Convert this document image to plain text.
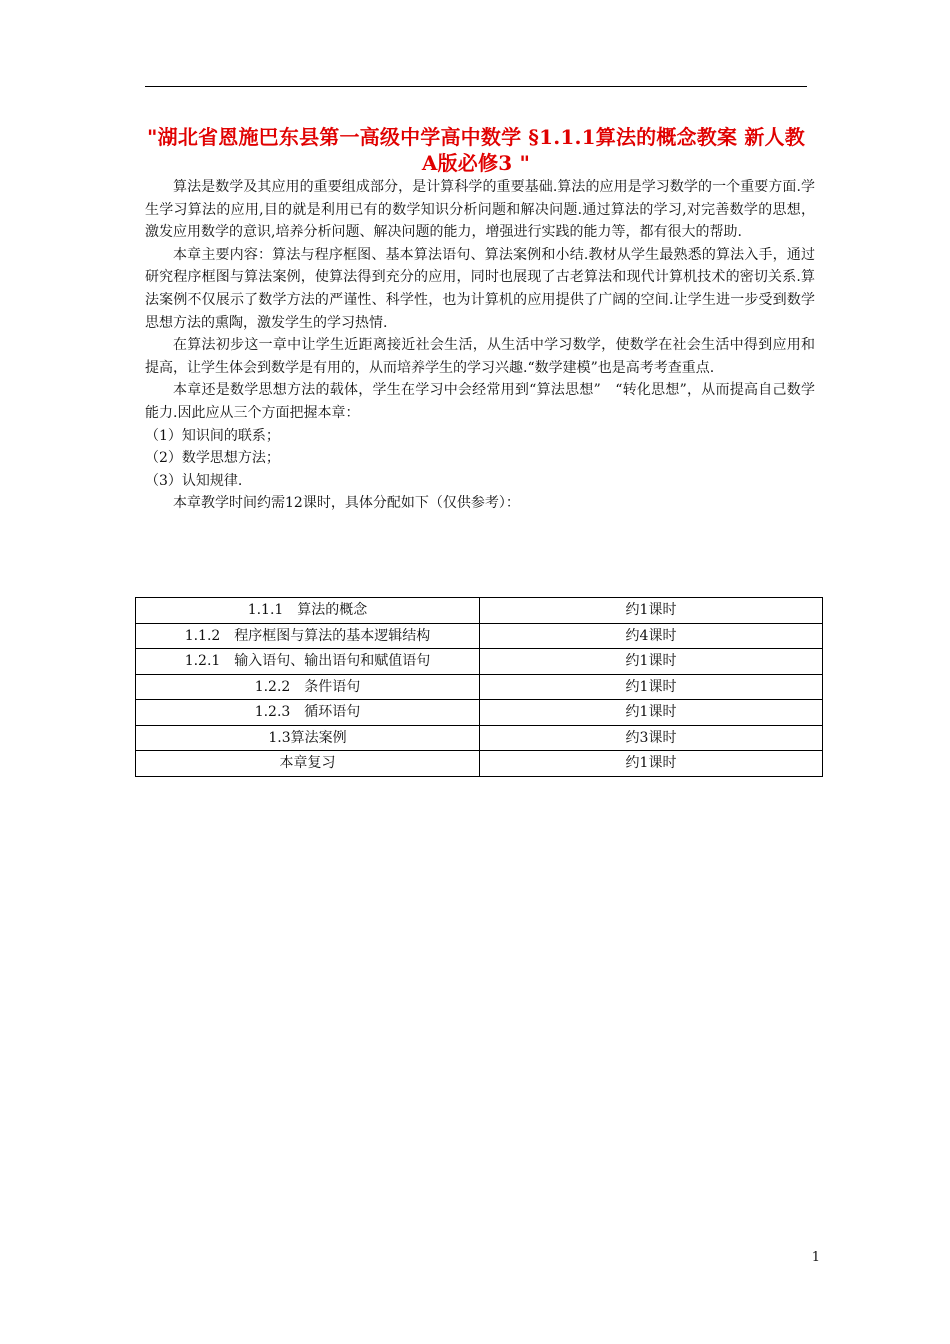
"湖北省恩施巴东县第一高级中学高中数学 §1.1.1算法的概念教案 新人教A版必修3 "

算法是数学及其应用的重要组成部分，是计算科学的重要基础.算法的应用是学习数学的一个重要方面.学生学习算法的应用,目的就是利用已有的数学知识分析问题和解决问题.通过算法的学习,对完善数学的思想，激发应用数学的意识,培养分析问题、解决问题的能力，增强进行实践的能力等，都有很大的帮助.

本章主要内容：算法与程序框图、基本算法语句、算法案例和小结.教材从学生最熟悉的算法入手，通过研究程序框图与算法案例，使算法得到充分的应用，同时也展现了古老算法和现代计算机技术的密切关系.算法案例不仅展示了数学方法的严谨性、科学性，也为计算机的应用提供了广阔的空间.让学生进一步受到数学思想方法的熏陶，激发学生的学习热情.

在算法初步这一章中让学生近距离接近社会生活，从生活中学习数学，使数学在社会生活中得到应用和提高，让学生体会到数学是有用的，从而培养学生的学习兴趣.“数学建模”也是高考考查重点.

本章还是数学思想方法的载体，学生在学习中会经常用到“算法思想”　“转化思想”，从而提高自己数学能力.因此应从三个方面把握本章：

（1）知识间的联系；

（2）数学思想方法；

（3）认知规律.

本章教学时间约需12课时，具体分配如下（仅供参考）：

1.1.1　算法的概念	约1课时
1.1.2　程序框图与算法的基本逻辑结构	约4课时
1.2.1　输入语句、输出语句和赋值语句	约1课时
1.2.2　条件语句	约1课时
1.2.3　循环语句	约1课时
1.3算法案例	约3课时
本章复习	约1课时
1
